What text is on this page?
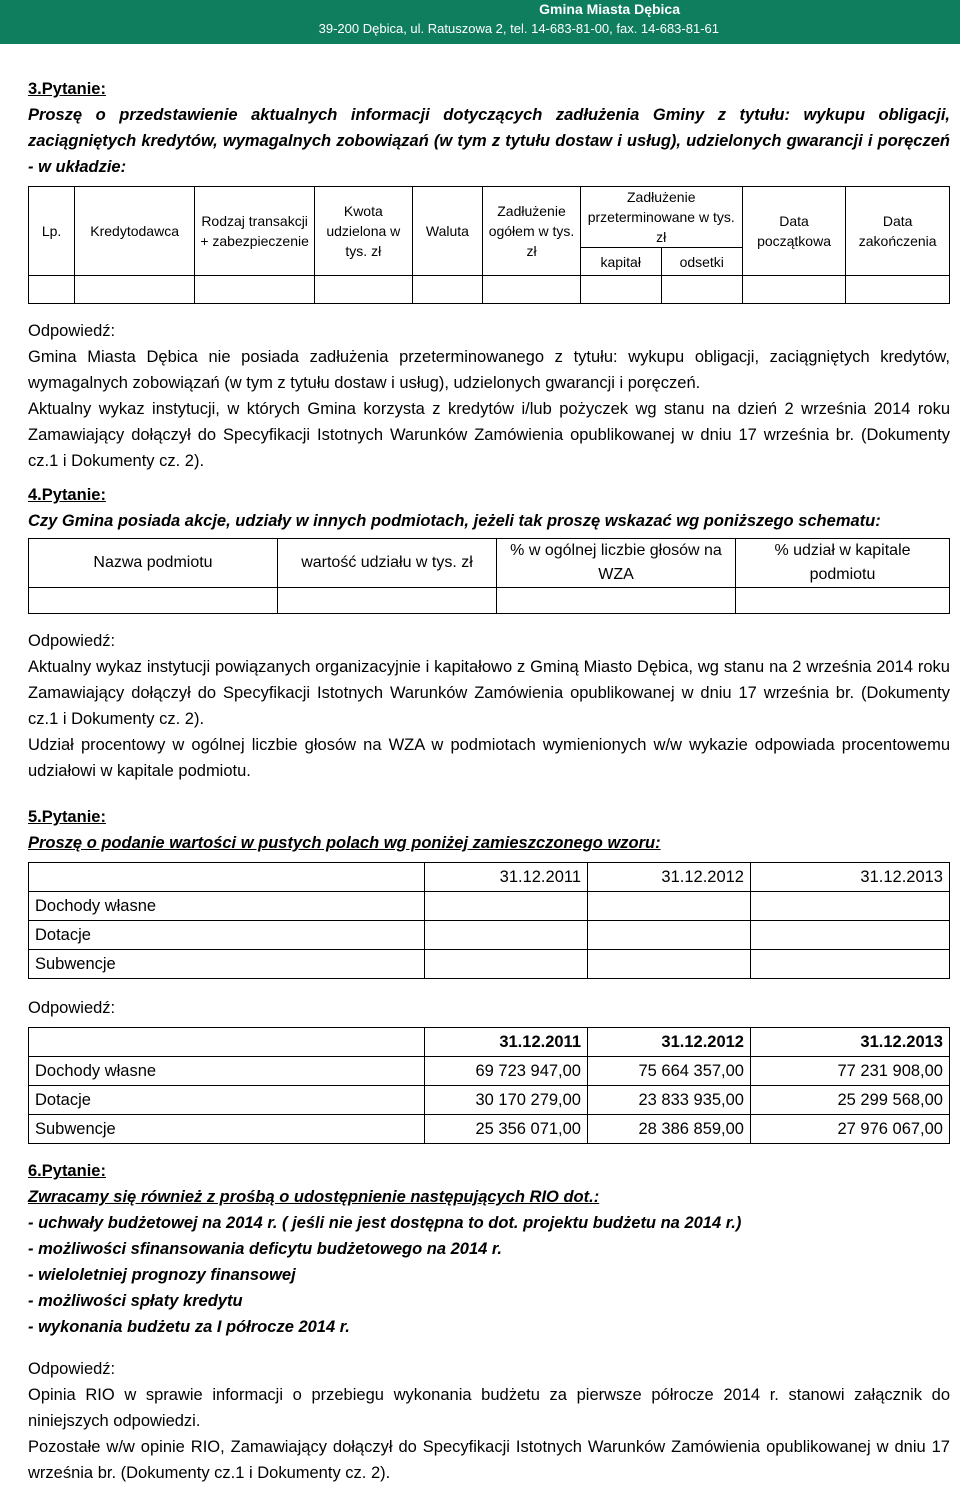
Gmina Miasta Dębica
39-200 Dębica, ul. Ratuszowa 2, tel. 14-683-81-00, fax. 14-683-81-61
3.Pytanie:
Proszę o przedstawienie aktualnych informacji dotyczących zadłużenia Gminy z tytułu: wykupu obligacji, zaciągniętych kredytów, wymagalnych zobowiązań (w tym z tytułu dostaw i usług), udzielonych gwarancji i poręczeń - w układzie:
Lp.	Kredytodawca	Rodzaj transakcji + zabezpieczenie	Kwota udzielona w tys. zł	Waluta	Zadłużenie ogółem w tys. zł	Zadłużenie przeterminowane w tys. zł		Data początkowa	Data zakończenia
						kapitał	odsetki		

Odpowiedź:
Gmina Miasta Dębica nie posiada zadłużenia przeterminowanego z tytułu: wykupu obligacji, zaciągniętych kredytów, wymagalnych zobowiązań (w tym z tytułu dostaw i usług), udzielonych gwarancji i poręczeń.
Aktualny wykaz instytucji, w których Gmina korzysta z kredytów i/lub pożyczek wg stanu na dzień 2 września 2014 roku Zamawiający dołączył do Specyfikacji Istotnych Warunków Zamówienia opublikowanej w dniu 17 września br. (Dokumenty cz.1 i Dokumenty cz. 2).
4.Pytanie:
Czy Gmina posiada akcje, udziały w innych podmiotach, jeżeli tak proszę wskazać wg poniższego schematu:
Nazwa podmiotu	wartość udziału w tys. zł	% w ogólnej liczbie głosów na WZA	% udział w kapitale podmiotu

Odpowiedź:
Aktualny wykaz instytucji powiązanych organizacyjnie i kapitałowo z Gminą Miasto Dębica, wg stanu na 2 września 2014 roku Zamawiający dołączył do Specyfikacji Istotnych Warunków Zamówienia opublikowanej w dniu 17 września br. (Dokumenty cz.1 i Dokumenty cz. 2).
Udział procentowy w ogólnej liczbie głosów na WZA w podmiotach wymienionych w/w wykazie odpowiada procentowemu udziałowi w kapitale podmiotu.
5.Pytanie:
Proszę o podanie wartości w pustych polach wg poniżej zamieszczonego wzoru:
	31.12.2011	31.12.2012	31.12.2013
Dochody własne			
Dotacje			
Subwencje			
Odpowiedź:
	31.12.2011	31.12.2012	31.12.2013
Dochody własne	69 723 947,00	75 664 357,00	77 231 908,00
Dotacje	30 170 279,00	23 833 935,00	25 299 568,00
Subwencje	25 356 071,00	28 386 859,00	27 976 067,00
6.Pytanie:
Zwracamy się również z prośbą o udostępnienie następujących RIO dot.:
- uchwały budżetowej na 2014 r. ( jeśli nie jest dostępna to dot. projektu budżetu na 2014 r.)
- możliwości sfinansowania deficytu budżetowego na 2014 r.
- wieloletniej prognozy finansowej
- możliwości spłaty kredytu
- wykonania budżetu za I półrocze 2014 r.
Odpowiedź:
Opinia RIO w sprawie informacji o przebiegu wykonania budżetu za pierwsze półrocze 2014 r. stanowi załącznik do niniejszych odpowiedzi.
Pozostałe w/w opinie RIO, Zamawiający dołączył do Specyfikacji Istotnych Warunków Zamówienia opublikowanej w dniu 17 września br. (Dokumenty cz.1 i Dokumenty cz. 2).
